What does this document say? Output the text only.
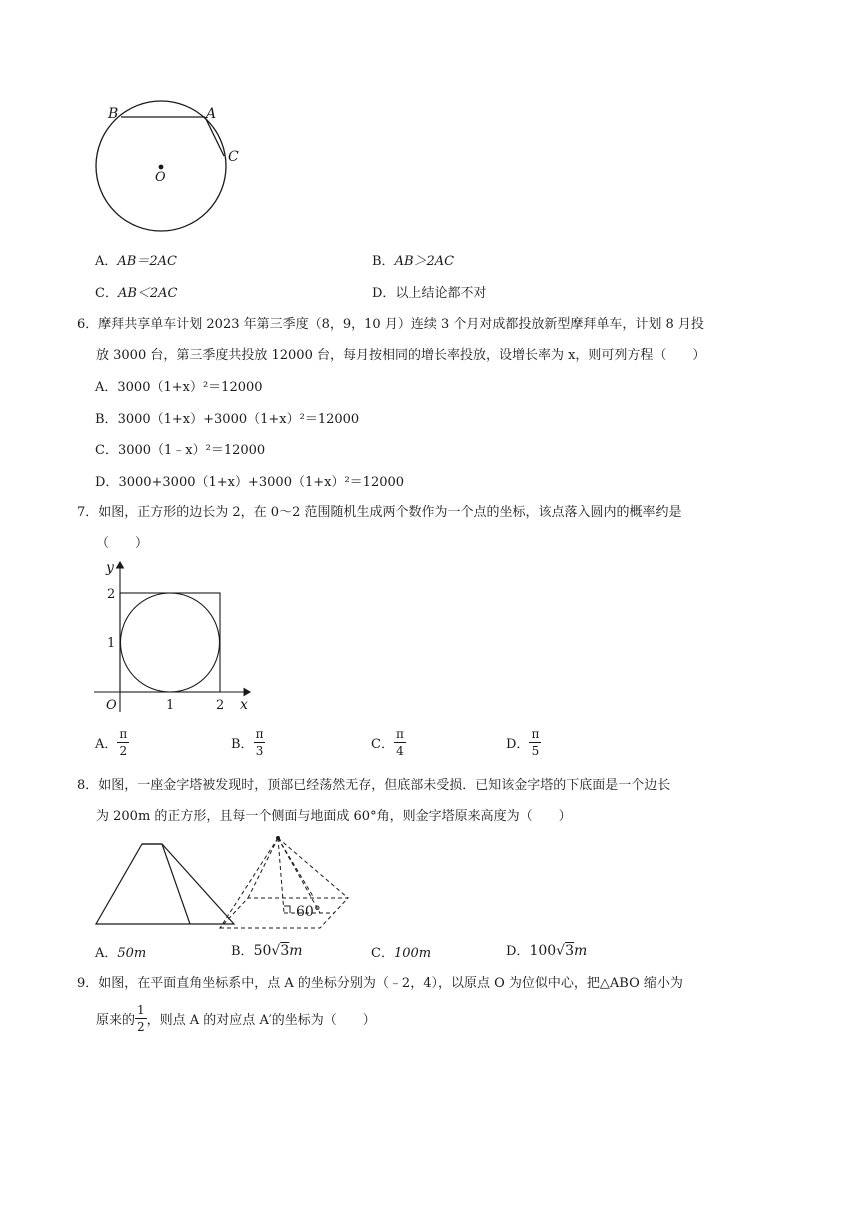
B	A
C
O
A．AB＝2AC	B．AB＞2AC
C．AB＜2AC	D．以上结论都不对
6．摩拜共享单车计划 2023 年第三季度（8，9，10 月）连续 3 个月对成都投放新型摩拜单车，计划 8 月投
放 3000 台，第三季度共投放 12000 台，每月按相同的增长率投放，设增长率为 x，则可列方程（　　）
A．3000（1+x）²＝12000
B．3000（1+x）+3000（1+x）²＝12000
C．3000（1﹣x）²＝12000
D．3000+3000（1+x）+3000（1+x）²＝12000
7．如图，正方形的边长为 2，在 0～2 范围随机生成两个数作为一个点的坐标，该点落入圆内的概率约是
（　　）
y
x
O	1	2
1
2
A． $\frac{\pi}{2}$	B． $\frac{\pi}{3}$	C． $\frac{\pi}{4}$	D． $\frac{\pi}{5}$
8．如图，一座金字塔被发现时，顶部已经荡然无存，但底部未受损．已知该金字塔的下底面是一个边长
为 200m 的正方形，且每一个侧面与地面成 60°角，则金字塔原来高度为（　　）
60°
A．50m	B．50√3m	C．100m	D．100√3m
9．如图，在平面直角坐标系中，点 A 的坐标分别为（﹣2，4），以原点 O 为位似中心，把△ABO 缩小为
原来的 $\frac{1}{2}$ ，则点 A 的对应点 A′的坐标为（　　）
